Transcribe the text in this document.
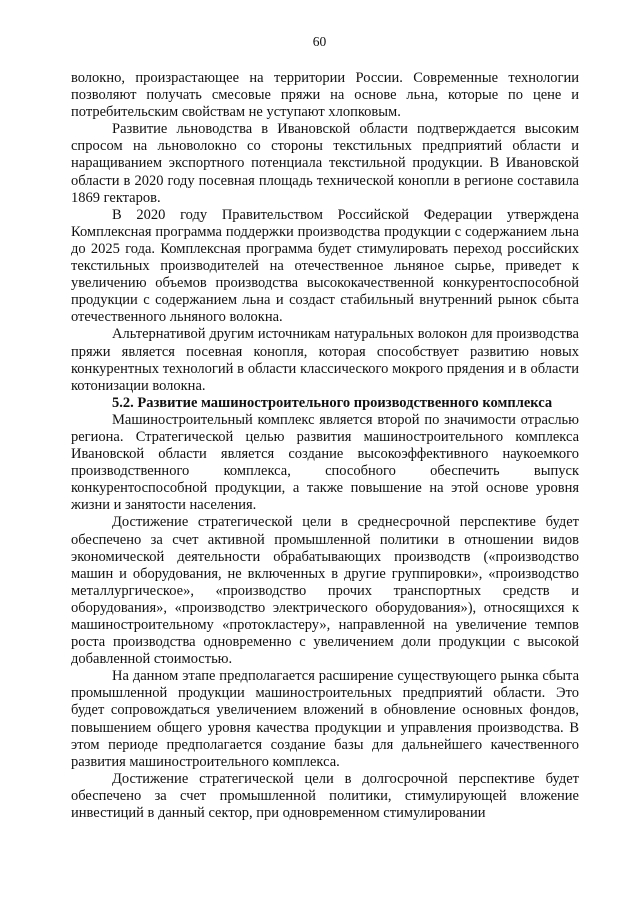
60

волокно, произрастающее на территории России. Современные технологии позволяют получать смесовые пряжи на основе льна, которые по цене и потребительским свойствам не уступают хлопковым.

Развитие льноводства в Ивановской области подтверждается высоким спросом на льноволокно со стороны текстильных предприятий области и наращиванием экспортного потенциала текстильной продукции. В Ивановской области в 2020 году посевная площадь технической конопли в регионе составила 1869 гектаров.

В 2020 году Правительством Российской Федерации утверждена Комплексная программа поддержки производства продукции с содержанием льна до 2025 года. Комплексная программа будет стимулировать переход российских текстильных производителей на отечественное льняное сырье, приведет к увеличению объемов производства высококачественной конкурентоспособной продукции с содержанием льна и создаст стабильный внутренний рынок сбыта отечественного льняного волокна.

Альтернативой другим источникам натуральных волокон для производства пряжи является посевная конопля, которая способствует развитию новых конкурентных технологий в области классического мокрого прядения и в области котонизации волокна.

5.2. Развитие машиностроительного производственного комплекса

Машиностроительный комплекс является второй по значимости отраслью региона. Стратегической целью развития машиностроительного комплекса Ивановской области является создание высокоэффективного наукоемкого производственного комплекса, способного обеспечить выпуск конкурентоспособной продукции, а также повышение на этой основе уровня жизни и занятости населения.

Достижение стратегической цели в среднесрочной перспективе будет обеспечено за счет активной промышленной политики в отношении видов экономической деятельности обрабатывающих производств («производство машин и оборудования, не включенных в другие группировки», «производство металлургическое», «производство прочих транспортных средств и оборудования», «производство электрического оборудования»), относящихся к машиностроительному «протокластеру», направленной на увеличение темпов роста производства одновременно с увеличением доли продукции с высокой добавленной стоимостью.

На данном этапе предполагается расширение существующего рынка сбыта промышленной продукции машиностроительных предприятий области. Это будет сопровождаться увеличением вложений в обновление основных фондов, повышением общего уровня качества продукции и управления производства. В этом периоде предполагается создание базы для дальнейшего качественного развития машиностроительного комплекса.

Достижение стратегической цели в долгосрочной перспективе будет обеспечено за счет промышленной политики, стимулирующей вложение инвестиций в данный сектор, при одновременном стимулировании
